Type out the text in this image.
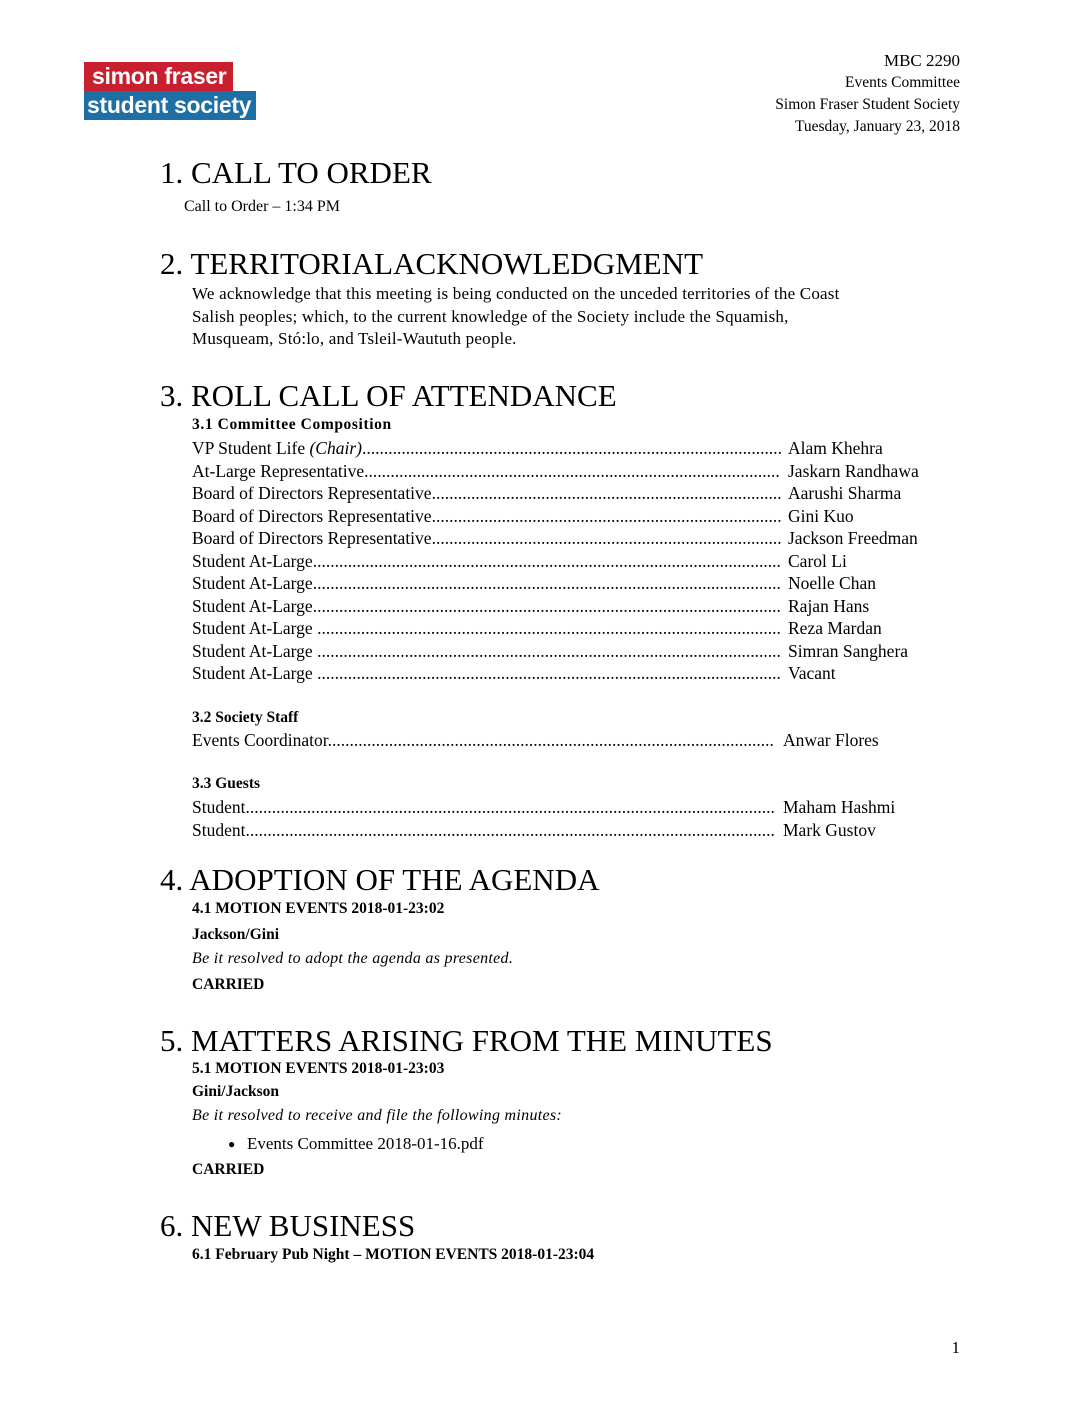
simon fraser
student society
MBC 2290
Events Committee
Simon Fraser Student Society
Tuesday, January 23, 2018
1. CALL TO ORDER
Call to Order – 1:34 PM
2. TERRITORIALACKNOWLEDGMENT
We acknowledge that this meeting is being conducted on the unceded territories of the Coast
Salish peoples; which, to the current knowledge of the Society include the Squamish,
Musqueam, Stó:lo, and Tsleil-Waututh people.
3. ROLL CALL OF ATTENDANCE
3.1 Committee Composition
VP Student Life (Chair)................................................................................................ Alam Khehra
At-Large Representative............................................................................................... Jaskarn Randhawa
Board of Directors Representative................................................................................ Aarushi Sharma
Board of Directors Representative................................................................................ Gini Kuo
Board of Directors Representative................................................................................ Jackson Freedman
Student At-Large........................................................................................................... Carol Li
Student At-Large........................................................................................................... Noelle Chan
Student At-Large........................................................................................................... Rajan Hans
Student At-Large .......................................................................................................... Reza Mardan
Student At-Large .......................................................................................................... Simran Sanghera
Student At-Large .......................................................................................................... Vacant
3.2 Society Staff
Events Coordinator...................................................................................................... Anwar Flores
3.3 Guests
Student......................................................................................................................... Maham Hashmi
Student......................................................................................................................... Mark Gustov
4. ADOPTION OF THE AGENDA
4.1 MOTION EVENTS 2018-01-23:02
Jackson/Gini
Be it resolved to adopt the agenda as presented.
CARRIED
5. MATTERS ARISING FROM THE MINUTES
5.1 MOTION EVENTS 2018-01-23:03
Gini/Jackson
Be it resolved to receive and file the following minutes:
● Events Committee 2018-01-16.pdf
CARRIED
6. NEW BUSINESS
6.1 February Pub Night – MOTION EVENTS 2018-01-23:04
1
